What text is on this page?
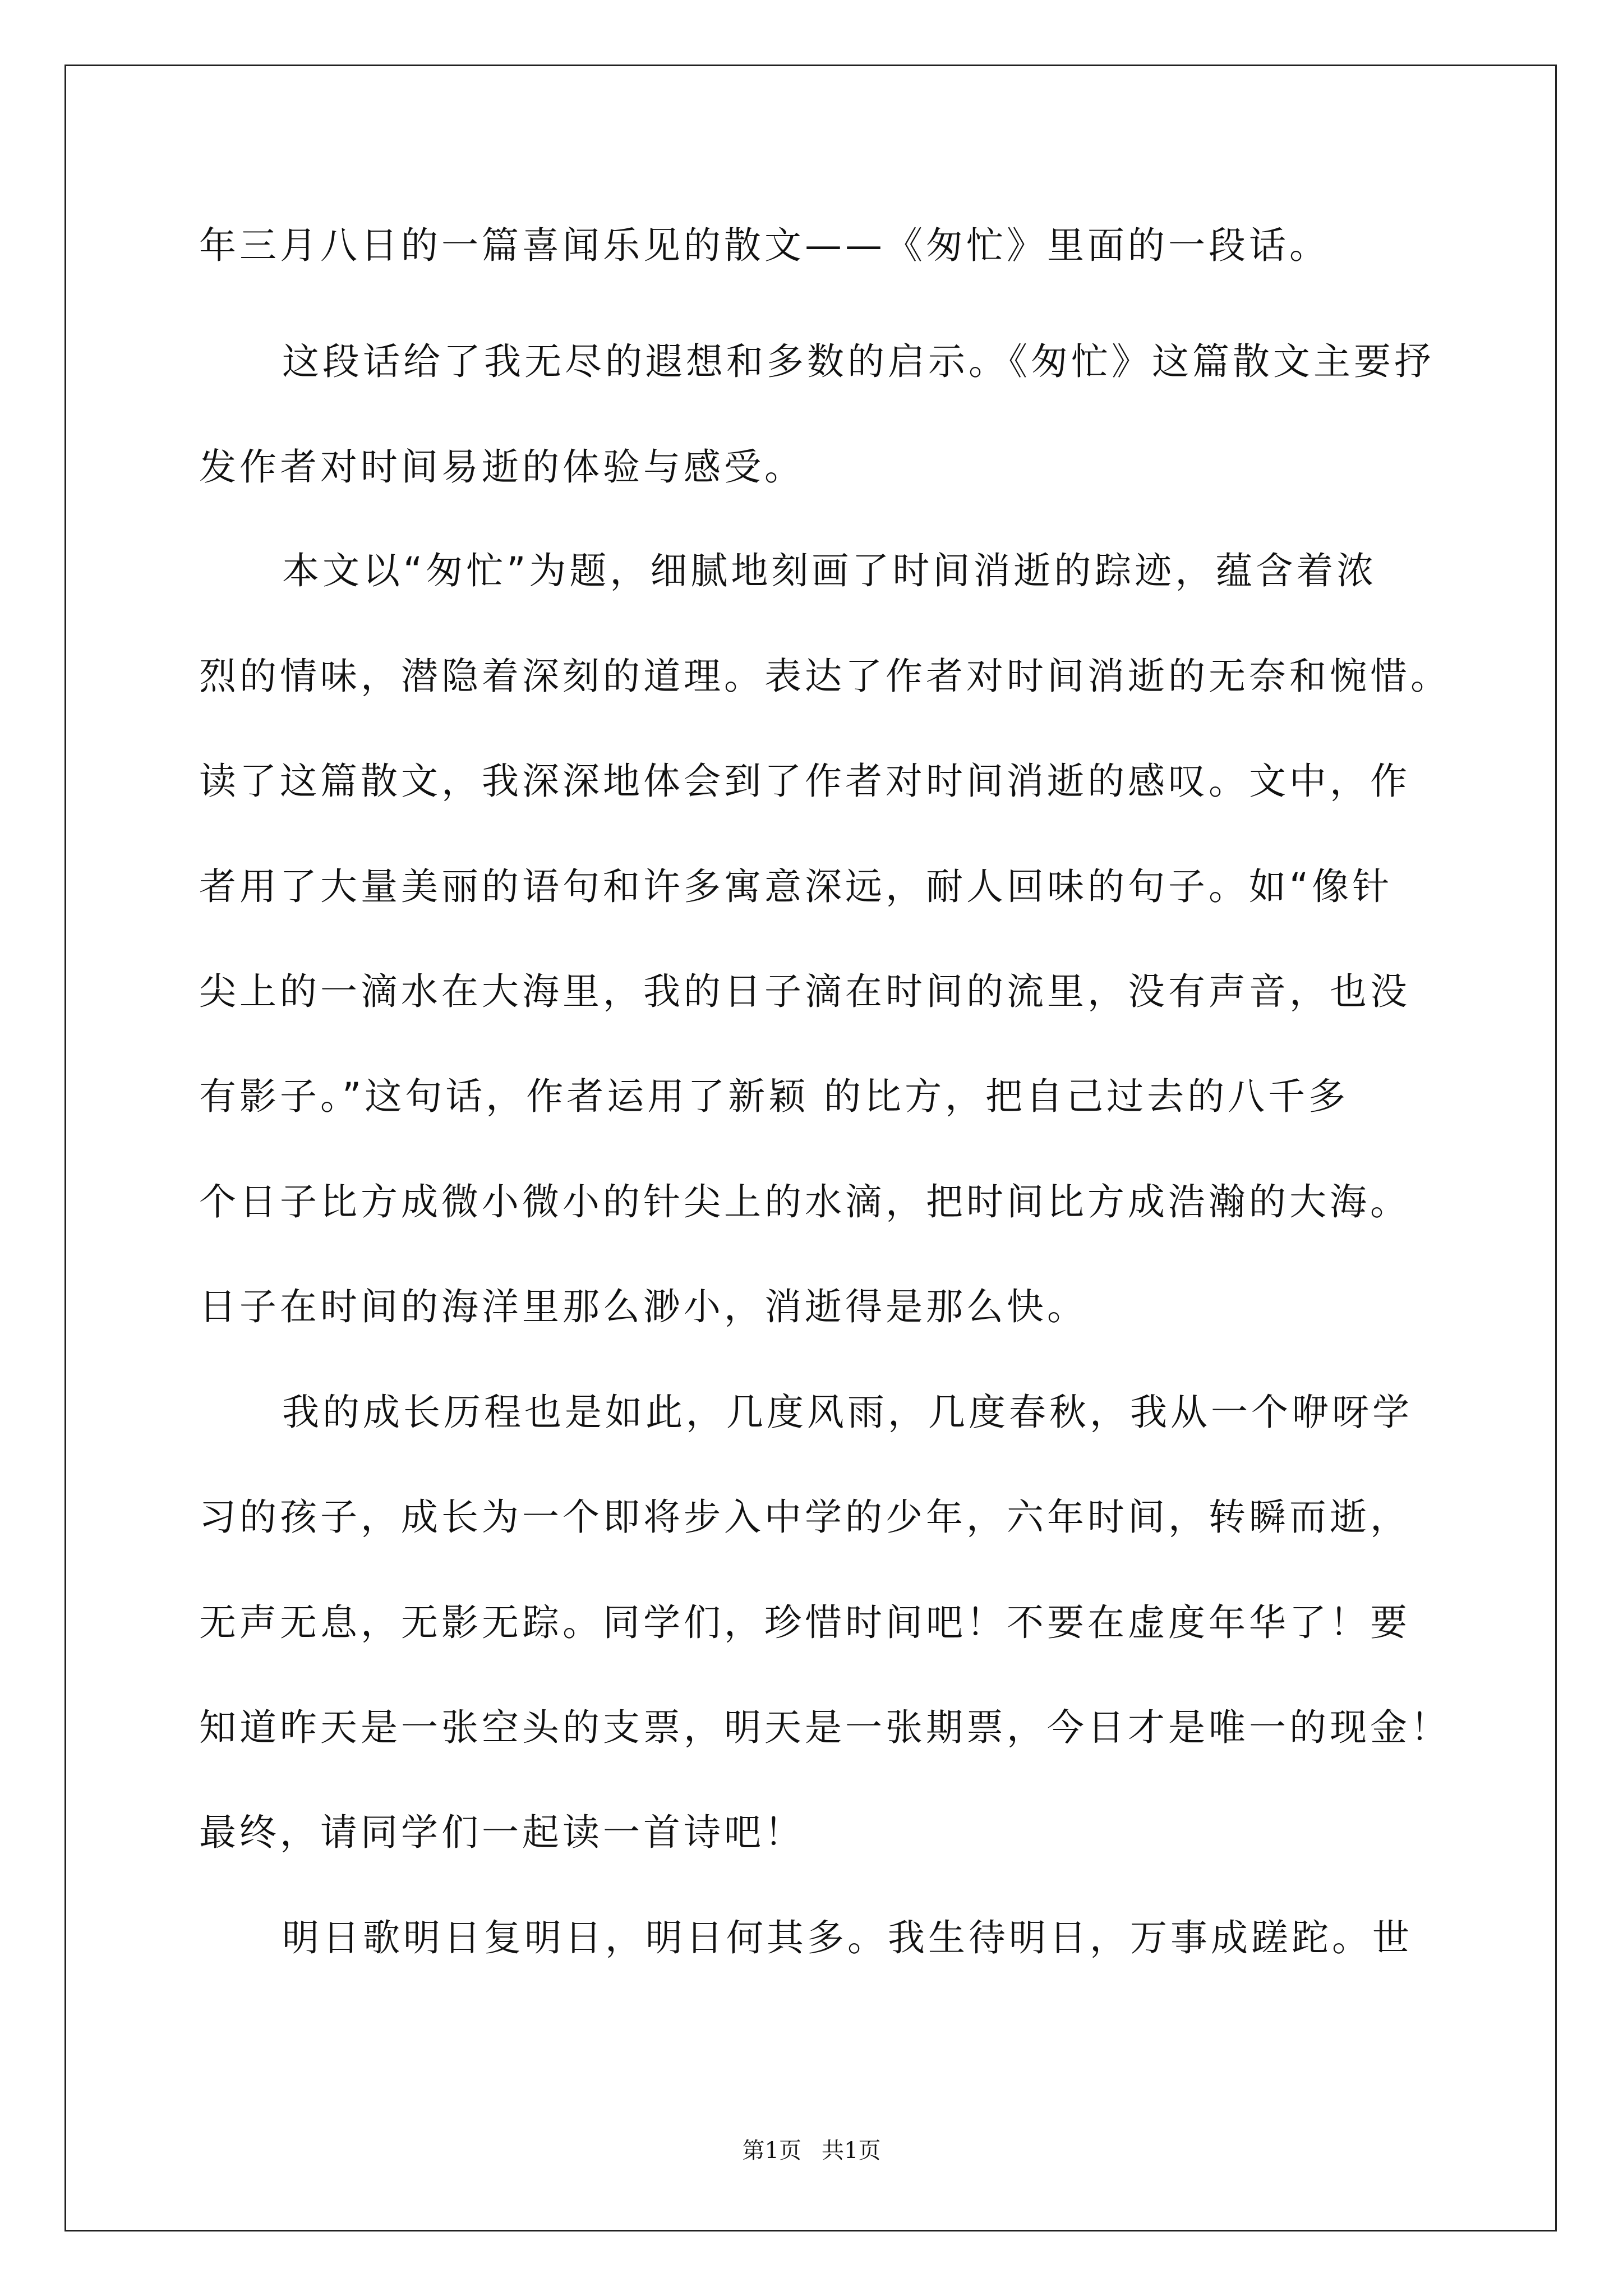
年三月八日的一篇喜闻乐见的散文——《匆忙》里面的一段话。
这段话给了我无尽的遐想和多数的启示。《匆忙》这篇散文主要抒
发作者对时间易逝的体验与感受。
本文以“匆忙”为题，细腻地刻画了时间消逝的踪迹，蕴含着浓
烈的情味，潜隐着深刻的道理。表达了作者对时间消逝的无奈和惋惜。
读了这篇散文，我深深地体会到了作者对时间消逝的感叹。文中，作
者用了大量美丽的语句和许多寓意深远，耐人回味的句子。如“像针
尖上的一滴水在大海里，我的日子滴在时间的流里，没有声音，也没
有影子。”这句话，作者运用了新颖 的比方，把自己过去的八千多
个日子比方成微小微小的针尖上的水滴，把时间比方成浩瀚的大海。
日子在时间的海洋里那么渺小，消逝得是那么快。
我的成长历程也是如此，几度风雨，几度春秋，我从一个咿呀学
习的孩子，成长为一个即将步入中学的少年，六年时间，转瞬而逝，
无声无息，无影无踪。同学们，珍惜时间吧！不要在虚度年华了！要
知道昨天是一张空头的支票，明天是一张期票，今日才是唯一的现金！
最终，请同学们一起读一首诗吧！
明日歌明日复明日，明日何其多。我生待明日，万事成蹉跎。世
第1页 共1页
